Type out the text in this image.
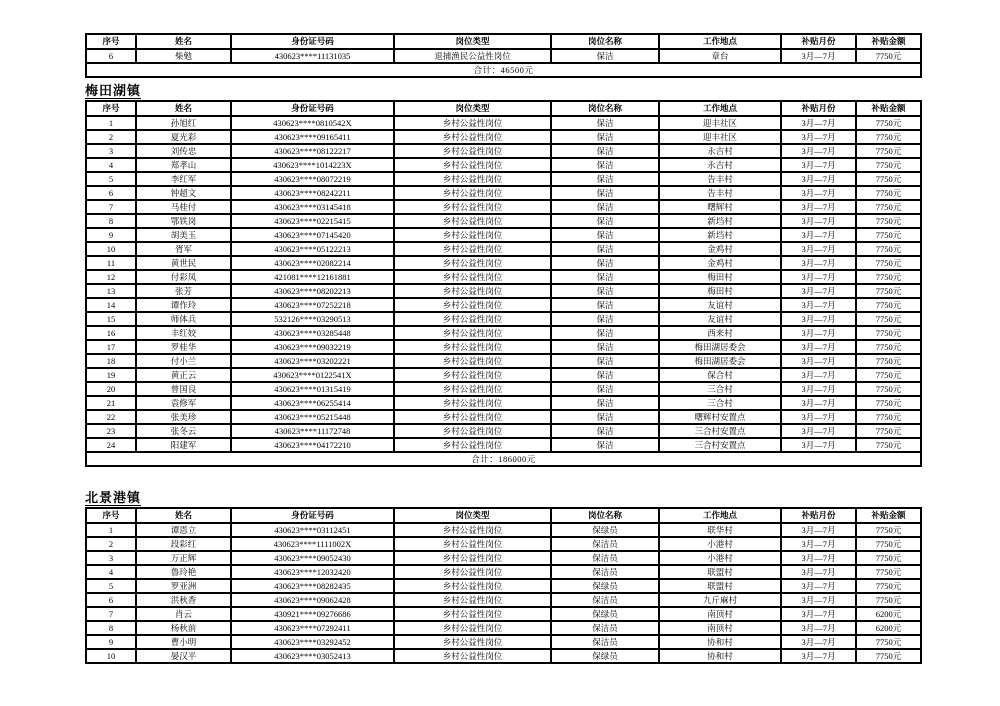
序号	姓名	身份证号码	岗位类型	岗位名称	工作地点	补贴月份	补贴金额
6	柴勉	430623****11131035	退捕渔民公益性岗位	保洁	章台	3月—7月	7750元
合计：46500元							
梅田湖镇
序号	姓名	身份证号码	岗位类型	岗位名称	工作地点	补贴月份	补贴金额
1	孙旭红	430623****0810542X	乡村公益性岗位	保洁	迎丰社区	3月—7月	7750元
2	夏光彩	430623****09165411	乡村公益性岗位	保洁	迎丰社区	3月—7月	7750元
3	刘传忠	430623****08122217	乡村公益性岗位	保洁	永吉村	3月—7月	7750元
4	郑孝山	430623****1014223X	乡村公益性岗位	保洁	永吉村	3月—7月	7750元
5	李红军	430623****08072219	乡村公益性岗位	保洁	告丰村	3月—7月	7750元
6	钟超文	430623****08242211	乡村公益性岗位	保洁	告丰村	3月—7月	7750元
7	马桂付	430623****03145418	乡村公益性岗位	保洁	曙辉村	3月—7月	7750元
8	鄂铁岗	430623****02215415	乡村公益性岗位	保洁	新垱村	3月—7月	7750元
9	胡美玉	430623****07145420	乡村公益性岗位	保洁	新垱村	3月—7月	7750元
10	胥军	430623****05122213	乡村公益性岗位	保洁	金鸡村	3月—7月	7750元
11	黄世民	430623****02082214	乡村公益性岗位	保洁	金鸡村	3月—7月	7750元
12	付彩凤	421081****12161881	乡村公益性岗位	保洁	梅田村	3月—7月	7750元
13	张芳	430623****08202213	乡村公益性岗位	保洁	梅田村	3月—7月	7750元
14	谭作玲	430623****07252218	乡村公益性岗位	保洁	友谊村	3月—7月	7750元
15	师体兵	532126****03290513	乡村公益性岗位	保洁	友谊村	3月—7月	7750元
16	丰红姣	430623****03285448	乡村公益性岗位	保洁	西来村	3月—7月	7750元
17	罗桂华	430623****09032219	乡村公益性岗位	保洁	梅田湖居委会	3月—7月	7750元
18	付小兰	430623****03202221	乡村公益性岗位	保洁	梅田湖居委会	3月—7月	7750元
19	黄正云	430623****0122541X	乡村公益性岗位	保洁	保合村	3月—7月	7750元
20	曾国良	430623****01315419	乡村公益性岗位	保洁	三合村	3月—7月	7750元
21	袁修军	430623****06255414	乡村公益性岗位	保洁	三合村	3月—7月	7750元
22	张美珍	430623****05215448	乡村公益性岗位	保洁	曙辉村安置点	3月—7月	7750元
23	张冬云	430623****11172748	乡村公益性岗位	保洁	三合村安置点	3月—7月	7750元
24	阳建军	430623****04172210	乡村公益性岗位	保洁	三合村安置点	3月—7月	7750元
合计：186000元							
北景港镇
序号	姓名	身份证号码	岗位类型	岗位名称	工作地点	补贴月份	补贴金额
1	谭恩立	430623****03112451	乡村公益性岗位	保绿员	联华村	3月—7月	7750元
2	段彩红	430623****1111002X	乡村公益性岗位	保洁员	小港村	3月—7月	7750元
3	万正辉	430623****09052430	乡村公益性岗位	保洁员	小港村	3月—7月	7750元
4	鲁玲艳	430623****12032420	乡村公益性岗位	保洁员	联盟村	3月—7月	7750元
5	罗亚洲	430623****08282435	乡村公益性岗位	保绿员	联盟村	3月—7月	7750元
6	洪秋香	430623****09062428	乡村公益性岗位	保洁员	九斤麻村	3月—7月	7750元
7	肖云	430921****09276686	乡村公益性岗位	保绿员	南顶村	3月—7月	6200元
8	杨秋前	430623****07292411	乡村公益性岗位	保洁员	南顶村	3月—7月	6200元
9	曹小明	430623****03292452	乡村公益性岗位	保洁员	协和村	3月—7月	7750元
10	晏汉平	430623****03052413	乡村公益性岗位	保绿员	协和村	3月—7月	7750元
